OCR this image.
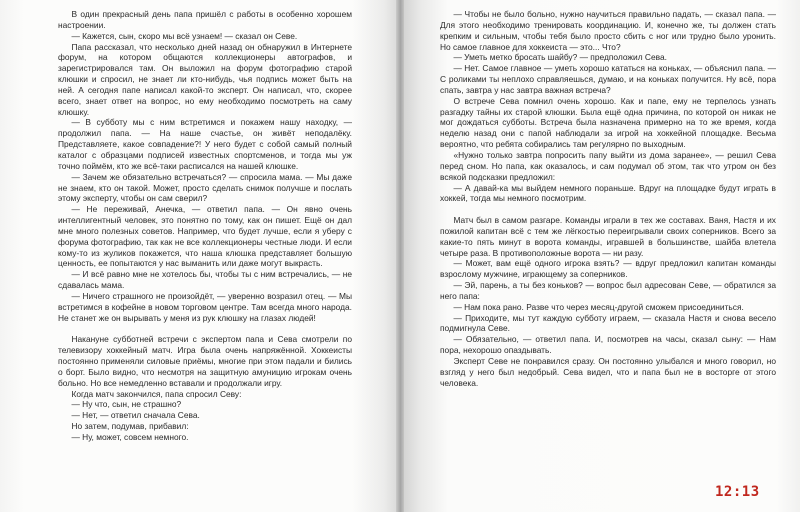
В один прекрасный день папа пришёл с работы в особенно хорошем настроении.

— Кажется, сын, скоро мы всё узнаем! — сказал он Севе.

Папа рассказал, что несколько дней назад он обнаружил в Интернете форум, на котором общаются коллекционеры автографов, и зарегистрировался там. Он выложил на форум фотографию старой клюшки и спросил, не знает ли кто-нибудь, чья подпись может быть на ней. А сегодня папе написал какой-то эксперт. Он написал, что, скорее всего, знает ответ на вопрос, но ему необходимо посмотреть на саму клюшку.

— В субботу мы с ним встретимся и покажем нашу находку, — продолжил папа. — На наше счастье, он живёт неподалёку. Представляете, какое совпадение?! У него будет с собой самый полный каталог с образцами подписей известных спортсменов, и тогда мы уж точно поймём, кто же всё-таки расписался на нашей клюшке.

— Зачем же обязательно встречаться? — спросила мама. — Мы даже не знаем, кто он такой. Может, просто сделать снимок получше и послать этому эксперту, чтобы он сам сверил?

— Не переживай, Анечка, — ответил папа. — Он явно очень интеллигентный человек, это понятно по тому, как он пишет. Ещё он дал мне много полезных советов. Например, что будет лучше, если я уберу с форума фотографию, так как не все коллекционеры честные люди. И если кому-то из жуликов покажется, что наша клюшка представляет большую ценность, ее попытаются у нас выманить или даже могут выкрасть.

— И всё равно мне не хотелось бы, чтобы ты с ним встречались, — не сдавалась мама.

— Ничего страшного не произойдёт, — уверенно возразил отец. — Мы встретимся в кофейне в новом торговом центре. Там всегда много народа. Не станет же он вырывать у меня из рук клюшку на глазах людей!

Накануне субботней встречи с экспертом папа и Сева смотрели по телевизору хоккейный матч. Игра была очень напряжённой. Хоккеисты постоянно применяли силовые приёмы, многие при этом падали и бились о борт. Было видно, что несмотря на защитную амуницию игрокам очень больно. Но все немедленно вставали и продолжали игру.

Когда матч закончился, папа спросил Севу:

— Ну что, сын, не страшно?

— Нет, — ответил сначала Сева.

Но затем, подумав, прибавил:

— Ну, может, совсем немного.

— Чтобы не было больно, нужно научиться правильно падать, — сказал папа. — Для этого необходимо тренировать координацию. И, конечно же, ты должен стать крепким и сильным, чтобы тебя было просто сбить с ног или трудно было уронить. Но самое главное для хоккеиста — это... Что?

— Уметь метко бросать шайбу? — предположил Сева.

— Нет. Самое главное — уметь хорошо кататься на коньках, — объяснил папа. — С роликами ты неплохо справляешься, думаю, и на коньках получится. Ну всё, пора спать, завтра у нас завтра важная встреча?

О встрече Сева помнил очень хорошо. Как и папе, ему не терпелось узнать разгадку тайны их старой клюшки. Была ещё одна причина, по которой он никак не мог дождаться субботы. Встреча была назначена примерно на то же время, когда неделю назад они с папой наблюдали за игрой на хоккейной площадке. Весьма вероятно, что ребята собирались там регулярно по выходным.

«Нужно только завтра попросить папу выйти из дома заранее», — решил Сева перед сном. Но папа, как оказалось, и сам подумал об этом, так что утром он без всякой подсказки предложил:

— А давай-ка мы выйдем немного пораньше. Вдруг на площадке будут играть в хоккей, тогда мы немного посмотрим.

Матч был в самом разгаре. Команды играли в тех же составах. Ваня, Настя и их пожилой капитан всё с тем же лёгкостью переигрывали своих соперников. Всего за какие-то пять минут в ворота команды, игравшей в большинстве, шайба влетела четыре раза. В противоположные ворота — ни разу.

— Может, вам ещё одного игрока взять? — вдруг предложил капитан команды взрослому мужчине, играющему за соперников.

— Эй, парень, а ты без коньков? — вопрос был адресован Севе, — обратился за него папа:

— Нам пока рано. Разве что через месяц-другой сможем присоединиться.

— Приходите, мы тут каждую субботу играем, — сказала Настя и снова весело подмигнула Севе.

— Обязательно, — ответил папа. И, посмотрев на часы, сказал сыну: — Нам пора, нехорошо опаздывать.

Эксперт Севе не понравился сразу. Он постоянно улыбался и много говорил, но взгляд у него был недобрый. Сева видел, что и папа был не в восторге от этого человека.

12:13
